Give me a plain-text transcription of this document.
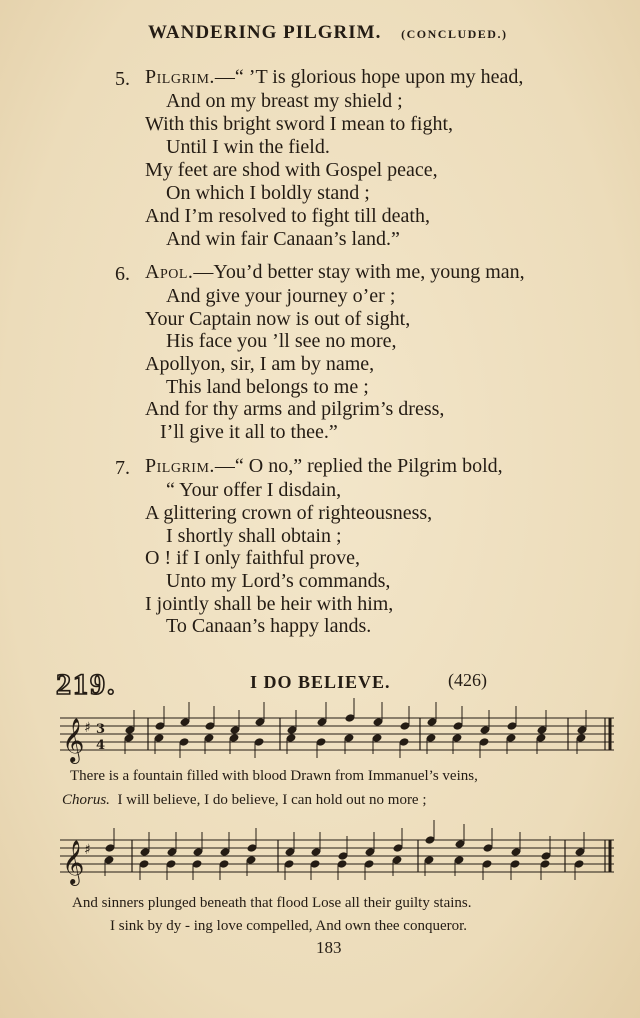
WANDERING PILGRIM. (CONCLUDED.)
5. Pilgrim.—“ ’T is glorious hope upon my head,
And on my breast my shield ;
With this bright sword I mean to fight,
Until I win the field.
My feet are shod with Gospel peace,
On which I boldly stand ;
And I’m resolved to fight till death,
And win fair Canaan’s land.”
6. Apol.—You’d better stay with me, young man,
And give your journey o’er ;
Your Captain now is out of sight,
His face you ’ll see no more,
Apollyon, sir, I am by name,
This land belongs to me ;
And for thy arms and pilgrim’s dress,
I’ll give it all to thee.”
7. Pilgrim.—“ O no,” replied the Pilgrim bold,
“ Your offer I disdain,
A glittering crown of righteousness,
I shortly shall obtain ;
O ! if I only faithful prove,
Unto my Lord’s commands,
I jointly shall be heir with him,
To Canaan’s happy lands.
219.	I DO BELIEVE.	(426)
𝄞 ♯ 3
4
There is a fountain filled with blood Drawn from Immanuel’s veins,
Chorus. I will believe, I do believe, I can hold out no more ;
𝄞 ♯
And sinners plunged beneath that flood Lose all their guilty stains.
I sink by dy - ing love compelled, And own thee conqueror.
183
